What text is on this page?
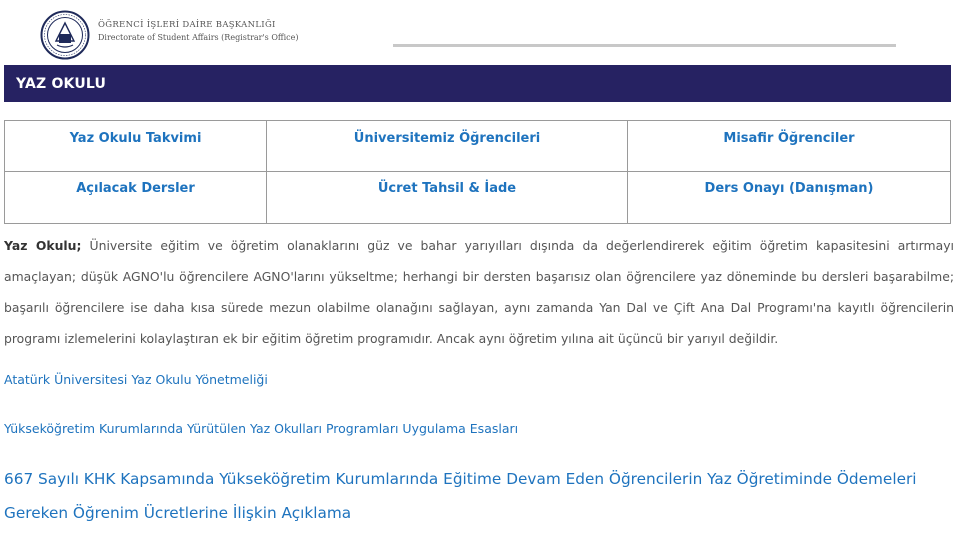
ÖĞRENCİ İŞLERİ DAİRE BAŞKANLIĞI
Directorate of Student Affairs (Registrar's Office)
YAZ OKULU
Yaz Okulu Takvimi	Üniversitemiz Öğrencileri	Misafir Öğrenciler
Açılacak Dersler	Ücret Tahsil & İade	Ders Onayı (Danışman)
Yaz Okulu; Üniversite eğitim ve öğretim olanaklarını güz ve bahar yarıyılları dışında da değerlendirerek eğitim öğretim kapasitesini artırmayı amaçlayan; düşük AGNO'lu öğrencilere AGNO'larını yükseltme; herhangi bir dersten başarısız olan öğrencilere yaz döneminde bu dersleri başarabilme; başarılı öğrencilere ise daha kısa sürede mezun olabilme olanağını sağlayan, aynı zamanda Yan Dal ve Çift Ana Dal Programı'na kayıtlı öğrencilerin programı izlemelerini kolaylaştıran ek bir eğitim öğretim programıdır. Ancak aynı öğretim yılına ait üçüncü bir yarıyıl değildir.
Atatürk Üniversitesi Yaz Okulu Yönetmeliği
Yükseköğretim Kurumlarında Yürütülen Yaz Okulları Programları Uygulama Esasları
667 Sayılı KHK Kapsamında Yükseköğretim Kurumlarında Eğitime Devam Eden Öğrencilerin Yaz Öğretiminde Ödemeleri Gereken Öğrenim Ücretlerine İlişkin Açıklama
